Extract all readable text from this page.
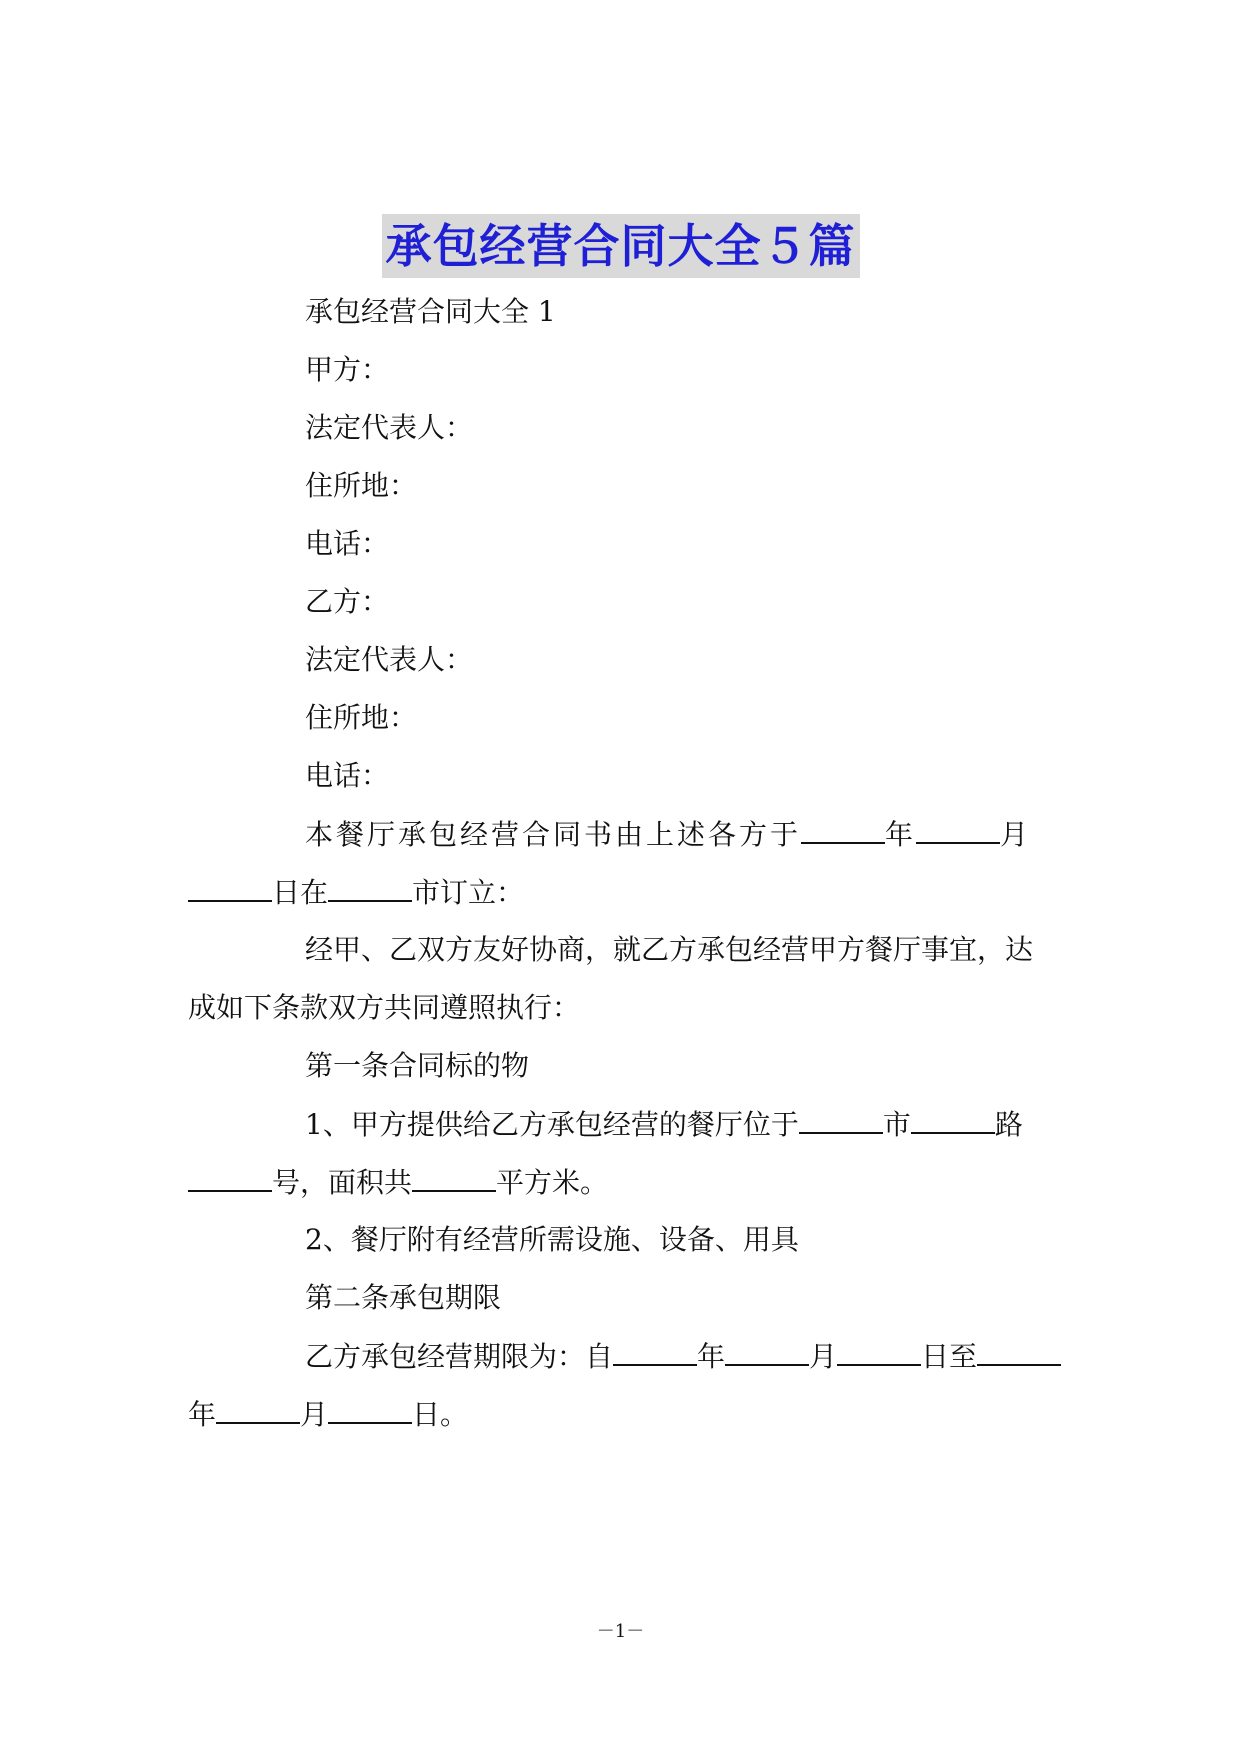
承包经营合同大全５篇
承包经营合同大全 1
甲方：
法定代表人：
住所地：
电话：
乙方：
法定代表人：
住所地：
电话：
本餐厅承包经营合同书由上述各方于	年	月
日在	市订立：
经甲、乙双方友好协商，就乙方承包经营甲方餐厅事宜，达
成如下条款双方共同遵照执行：
第一条合同标的物
1、甲方提供给乙方承包经营的餐厅位于	市	路
号，面积共	平方米。
2、餐厅附有经营所需设施、设备、用具
第二条承包期限
乙方承包经营期限为：自	年	月	日至
年	月	日。
－1－
